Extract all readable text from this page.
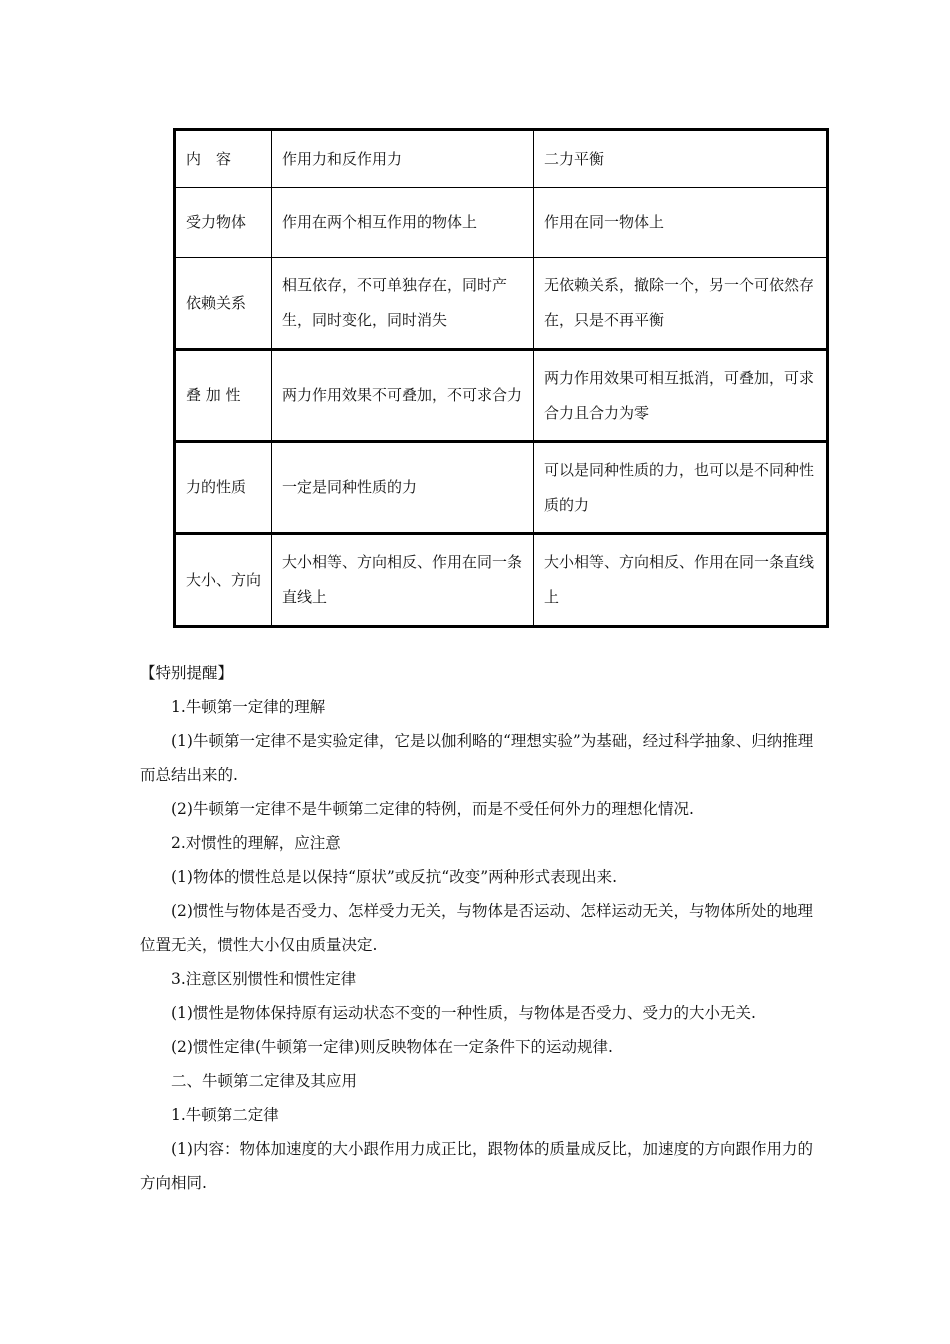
内　容	作用力和反作用力	二力平衡
受力物体	作用在两个相互作用的物体上	作用在同一物体上
依赖关系	相互依存，不可单独存在，同时产生，同时变化，同时消失	无依赖关系，撤除一个，另一个可依然存在，只是不再平衡
叠 加 性	两力作用效果不可叠加，不可求合力	两力作用效果可相互抵消，可叠加，可求合力且合力为零
力的性质	一定是同种性质的力	可以是同种性质的力，也可以是不同种性质的力
大小、方向	大小相等、方向相反、作用在同一条直线上	大小相等、方向相反、作用在同一条直线上

【特别提醒】

1.牛顿第一定律的理解

(1)牛顿第一定律不是实验定律，它是以伽利略的“理想实验”为基础，经过科学抽象、归纳推理而总结出来的.

(2)牛顿第一定律不是牛顿第二定律的特例，而是不受任何外力的理想化情况.

2.对惯性的理解，应注意

(1)物体的惯性总是以保持“原状”或反抗“改变”两种形式表现出来.

(2)惯性与物体是否受力、怎样受力无关，与物体是否运动、怎样运动无关，与物体所处的地理位置无关，惯性大小仅由质量决定.

3.注意区别惯性和惯性定律

(1)惯性是物体保持原有运动状态不变的一种性质，与物体是否受力、受力的大小无关.

(2)惯性定律(牛顿第一定律)则反映物体在一定条件下的运动规律.

二、牛顿第二定律及其应用

1.牛顿第二定律

(1)内容：物体加速度的大小跟作用力成正比，跟物体的质量成反比，加速度的方向跟作用力的方向相同.
